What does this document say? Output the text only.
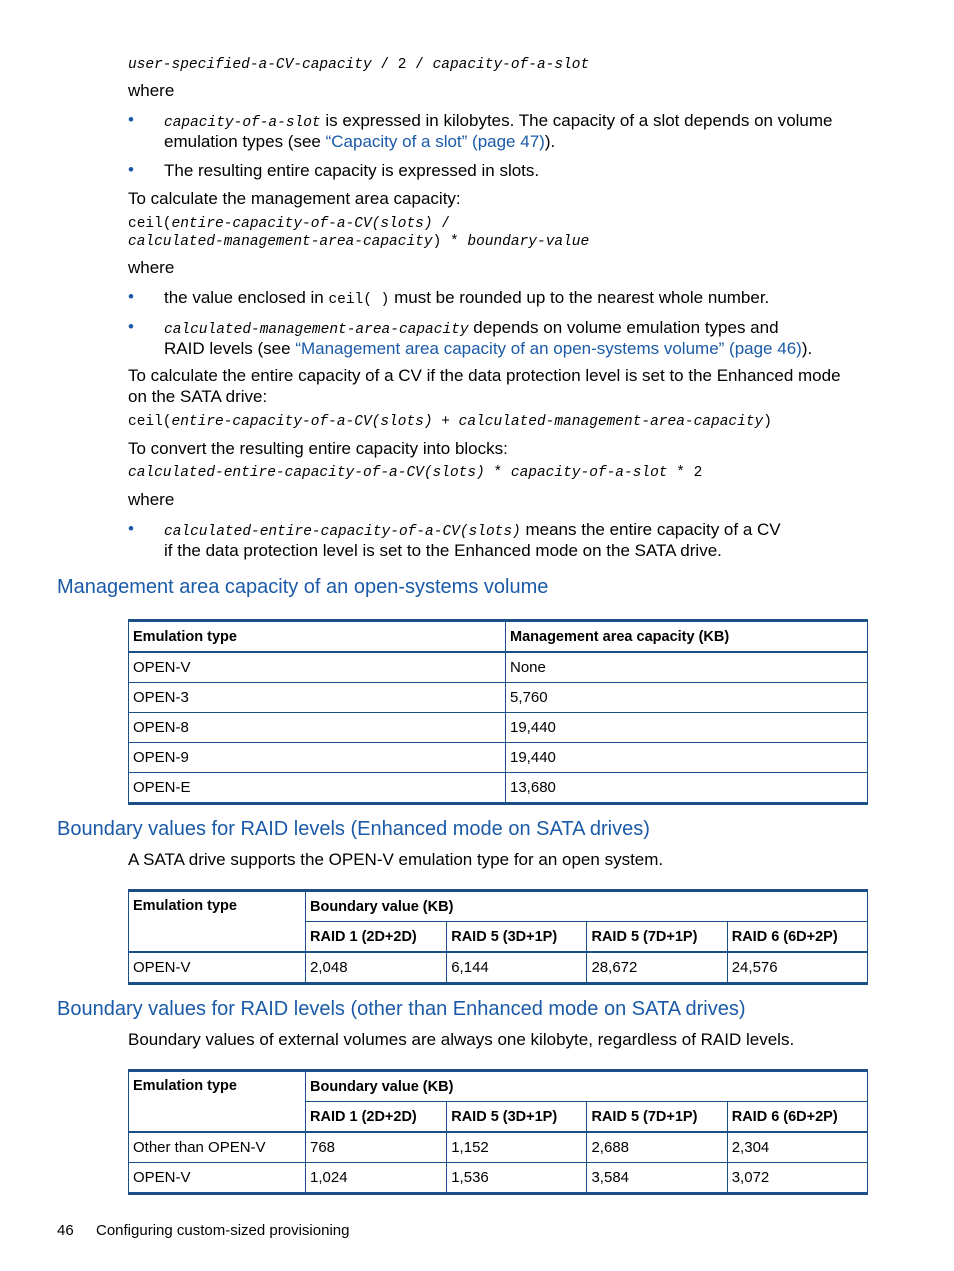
user-specified-a-CV-capacity / 2 / capacity-of-a-slot
where
• capacity-of-a-slot is expressed in kilobytes. The capacity of a slot depends on volume
emulation types (see “Capacity of a slot” (page 47)).
• The resulting entire capacity is expressed in slots.
To calculate the management area capacity:
ceil(entire-capacity-of-a-CV(slots) /
calculated-management-area-capacity) * boundary-value
where
• the value enclosed in ceil( ) must be rounded up to the nearest whole number.
• calculated-management-area-capacity depends on volume emulation types and
RAID levels (see “Management area capacity of an open-systems volume” (page 46)).
To calculate the entire capacity of a CV if the data protection level is set to the Enhanced mode
on the SATA drive:
ceil(entire-capacity-of-a-CV(slots) + calculated-management-area-capacity)
To convert the resulting entire capacity into blocks:
calculated-entire-capacity-of-a-CV(slots) * capacity-of-a-slot * 2
where
• calculated-entire-capacity-of-a-CV(slots) means the entire capacity of a CV
if the data protection level is set to the Enhanced mode on the SATA drive.
Management area capacity of an open-systems volume
Emulation type	Management area capacity (KB)
OPEN-V	None
OPEN-3	5,760
OPEN-8	19,440
OPEN-9	19,440
OPEN-E	13,680
Boundary values for RAID levels (Enhanced mode on SATA drives)
A SATA drive supports the OPEN-V emulation type for an open system.
Emulation type	Boundary value (KB)			
	RAID 1 (2D+2D)	RAID 5 (3D+1P)	RAID 5 (7D+1P)	RAID 6 (6D+2P)
OPEN-V	2,048	6,144	28,672	24,576
Boundary values for RAID levels (other than Enhanced mode on SATA drives)
Boundary values of external volumes are always one kilobyte, regardless of RAID levels.
Emulation type	Boundary value (KB)			
	RAID 1 (2D+2D)	RAID 5 (3D+1P)	RAID 5 (7D+1P)	RAID 6 (6D+2P)
Other than OPEN-V	768	1,152	2,688	2,304
OPEN-V	1,024	1,536	3,584	3,072
46 Configuring custom-sized provisioning
